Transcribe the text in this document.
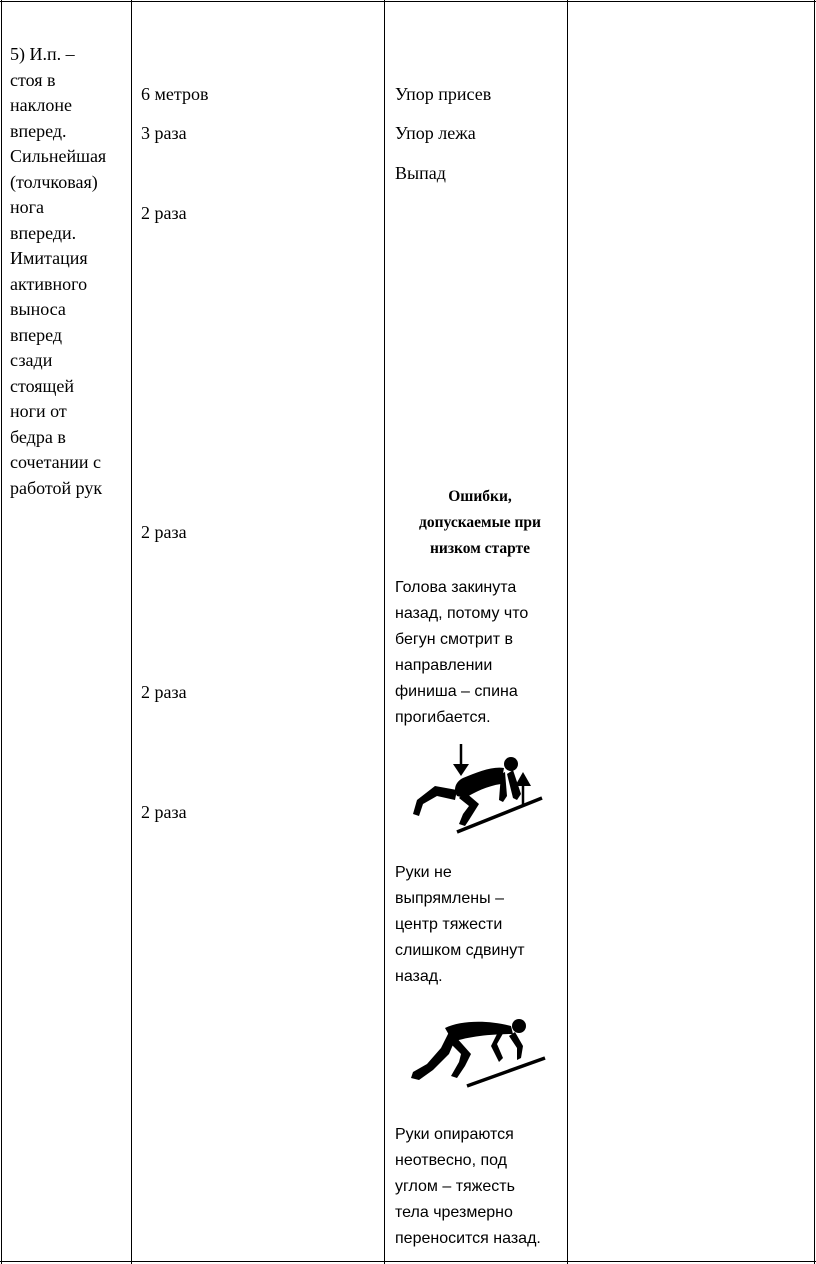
5) И.п. –
стоя в
наклоне
вперед.
Сильнейшая
(толчковая)
нога
впереди.
Имитация
активного
выноса
вперед
сзади
стоящей
ноги от
бедра в
сочетании с
работой рук
6 метров
3 раза
2 раза
2 раза
2 раза
2 раза
Упор присев
Упор лежа
Выпад
Ошибки,
допускаемые при
низком старте
Голова закинута
назад, потому что
бегун смотрит в
направлении
финиша – спина
прогибается.
Руки не
выпрямлены –
центр тяжести
слишком сдвинут
назад.
Руки опираются
неотвесно, под
углом – тяжесть
тела чрезмерно
переносится назад.
